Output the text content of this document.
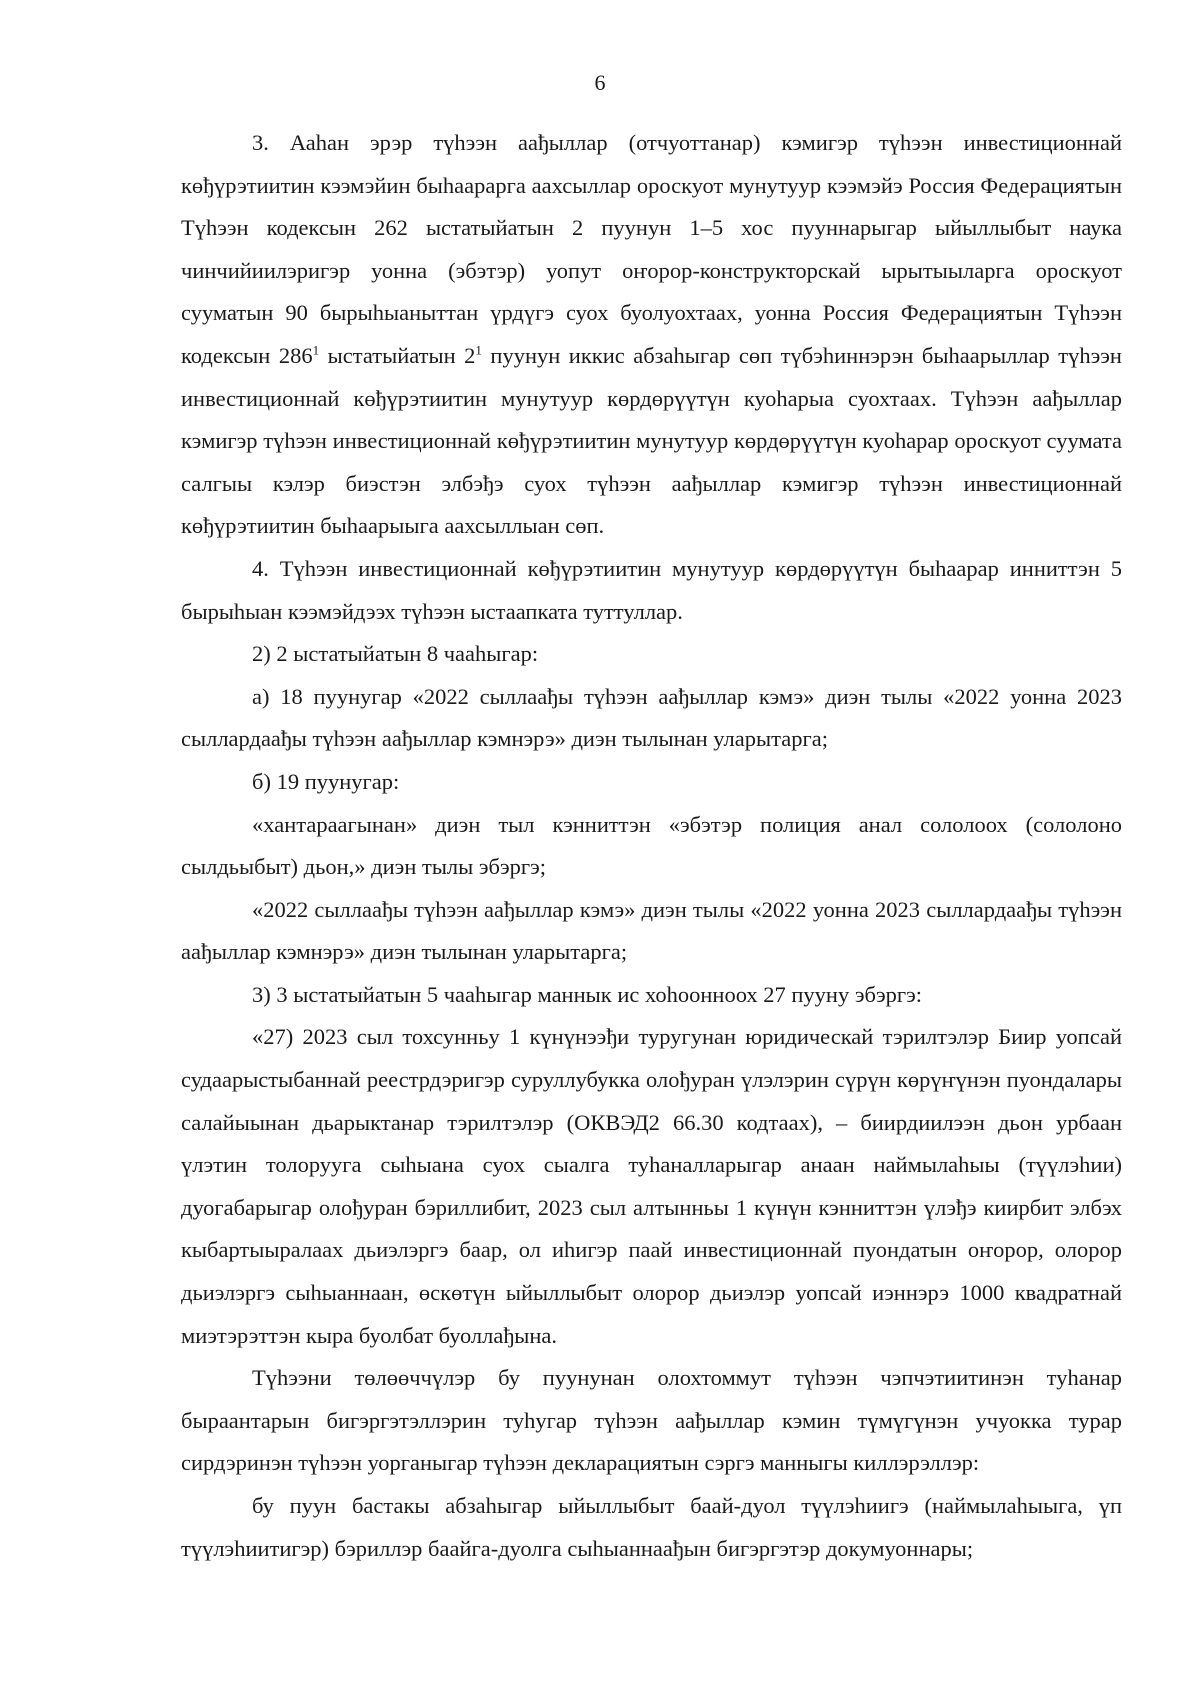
6

3. Ааһан эрэр түһээн аађыллар (отчуоттанар) кэмигэр түһээн инвестиционнай көђүрэтиитин кээмэйин быһаарарга аахсыллар ороскуот мунутуур кээмэйэ Россия Федерациятын Түһээн кодексын 262 ыстатыйатын 2 пуунун 1–5 хос пууннарыгар ыйыллыбыт наука чинчийиилэригэр уонна (эбэтэр) уопут оҥорор-конструкторскай ырытыыларга ороскуот сууматын 90 бырыһыаныттан үрдүгэ суох буолуохтаах, уонна Россия Федерациятын Түһээн кодексын $286^1$ ыстатыйатын $2^1$ пуунун иккис абзаһыгар сөп түбэһиннэрэн быһаарыллар түһээн инвестиционнай көђүрэтиитин мунутуур көрдөрүүтүн куоһарыа суохтаах. Түһээн аађыллар кэмигэр түһээн инвестиционнай көђүрэтиитин мунутуур көрдөрүүтүн куоһарар ороскуот суумата салгыы кэлэр биэстэн элбэђэ суох түһээн аађыллар кэмигэр түһээн инвестиционнай көђүрэтиитин быһаарыыга аахсыллыан сөп.

4. Түһээн инвестиционнай көђүрэтиитин мунутуур көрдөрүүтүн быһаарар инниттэн 5 бырыһыан кээмэйдээх түһээн ыстаапката туттуллар.

2) 2 ыстатыйатын 8 чааһыгар:

а) 18 пуунугар «2022 сыллаађы түһээн аађыллар кэмэ» диэн тылы «2022 уонна 2023 сыллардаађы түһээн аађыллар кэмнэрэ» диэн тылынан уларытарга;

б) 19 пуунугар:

«хантараагынан» диэн тыл кэнниттэн «эбэтэр полиция анал сололоох (сололоно сылдьыбыт) дьон,» диэн тылы эбэргэ;

«2022 сыллаађы түһээн аађыллар кэмэ» диэн тылы «2022 уонна 2023 сыллардаађы түһээн аађыллар кэмнэрэ» диэн тылынан уларытарга;

3) 3 ыстатыйатын 5 чааһыгар маннык ис хоһоонноох 27 пууну эбэргэ:

«27) 2023 сыл тохсунньу 1 күнүнээђи туругунан юридическай тэрилтэлэр Биир уопсай судаарыстыбаннай реестрдэригэр суруллубукка олођуран үлэлэрин сүрүн көрүҥүнэн пуондалары салайыынан дьарыктанар тэрилтэлэр (ОКВЭД2 66.30 кодтаах), – биирдиилээн дьон урбаан үлэтин толорууга сыһыана суох сыалга туһаналларыгар анаан наймылаһыы (түүлэһии) дуогабарыгар олођуран бэриллибит, 2023 сыл алтынньы 1 күнүн кэнниттэн үлэђэ киирбит элбэх кыбартыыралаах дьиэлэргэ баар, ол иһигэр паай инвестиционнай пуондатын оҥорор, олорор дьиэлэргэ сыһыаннаан, өскөтүн ыйыллыбыт олорор дьиэлэр уопсай иэннэрэ 1000 квадратнай миэтэрэттэн кыра буолбат буоллађына.

Түһээни төлөөччүлэр бу пуунунан олохтоммут түһээн чэпчэтиитинэн туһанар быраантарын бигэргэтэллэрин туһугар түһээн аађыллар кэмин түмүгүнэн учуокка турар сирдэринэн түһээн уорганыгар түһээн декларациятын сэргэ манныгы киллэрэллэр:

бу пуун бастакы абзаһыгар ыйыллыбыт баай-дуол түүлэһиигэ (наймылаһыыга, үп түүлэһиитигэр) бэриллэр баайга-дуолга сыһыаннаађын бигэргэтэр докумуоннары;
